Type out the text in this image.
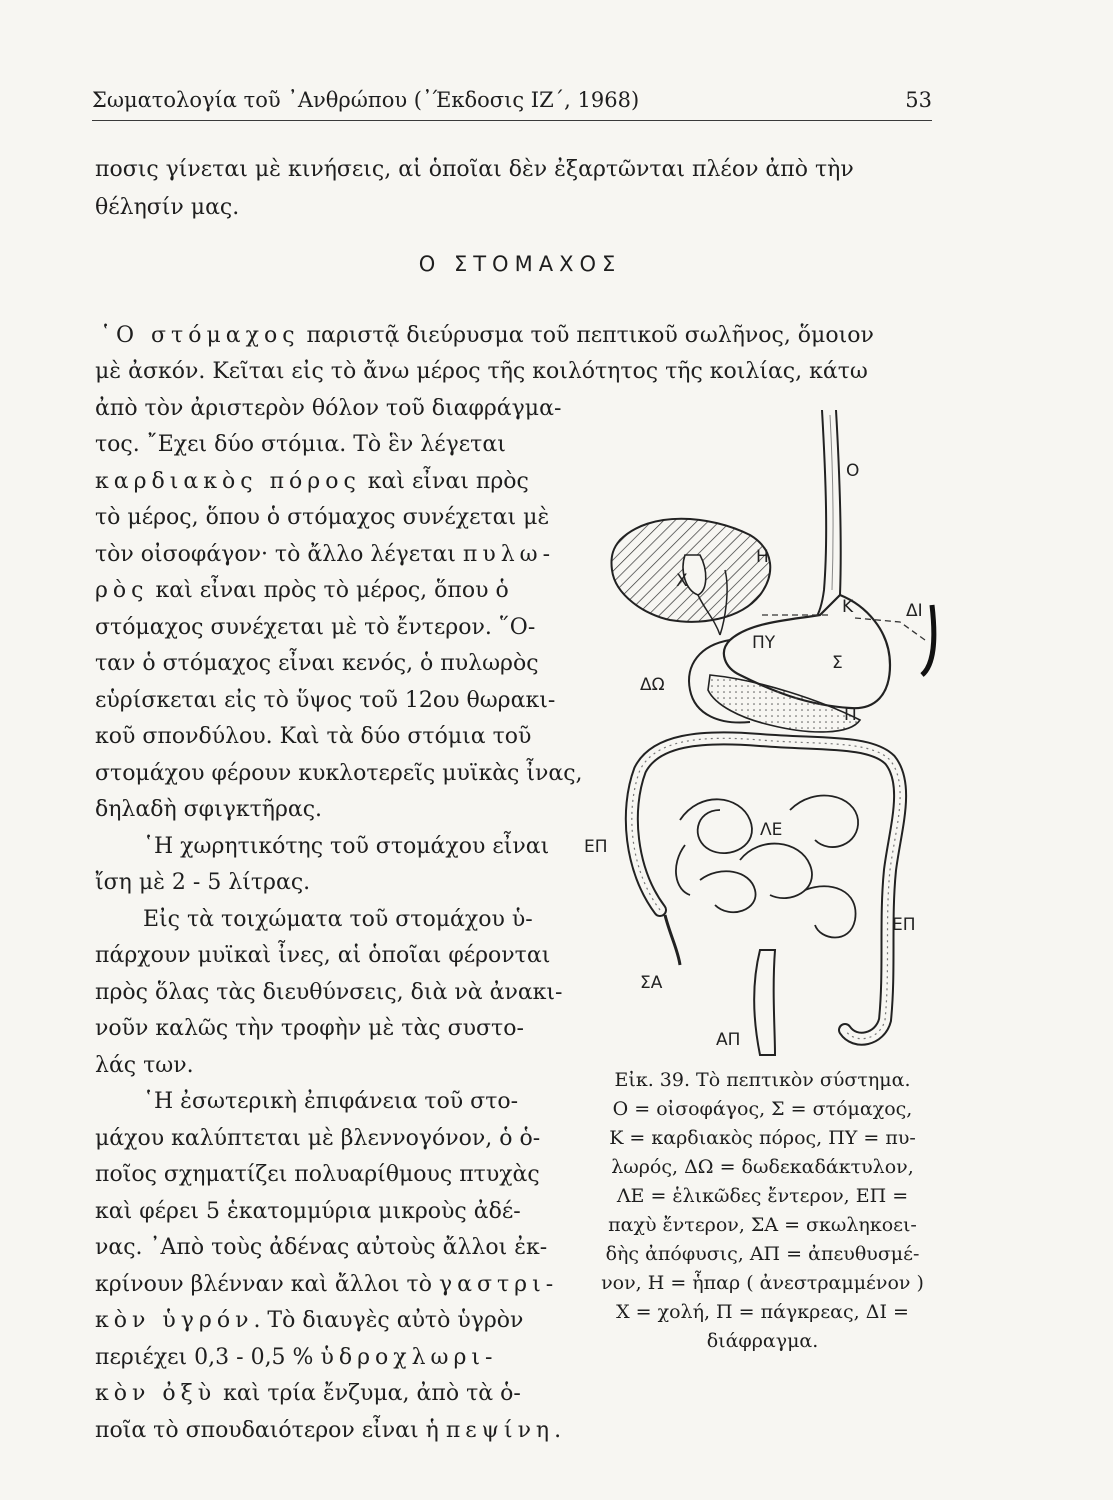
Σωματολογία τοῦ ᾿Ανθρώπου (᾿Έκδοσις ΙΖ΄, 1968)	53

ποσις γίνεται μὲ κινήσεις, αἱ ὁποῖαι δὲν ἐξαρτῶνται πλέον ἀπὸ τὴν

θέλησίν μας.

Ο ΣΤΟΜΑΧΟΣ

῾Ο στόμαχος παριστᾷ διεύρυσμα τοῦ πεπτικοῦ σωλῆνος, ὅμοιον

μὲ ἀσκόν. Κεῖται εἰς τὸ ἄνω μέρος τῆς κοιλότητος τῆς κοιλίας, κάτω

ἀπὸ τὸν ἀριστερὸν θόλον τοῦ διαφράγμα-

τος. ῎Εχει δύο στόμια. Τὸ ἓν λέγεται

καρδιακὸς πόρος καὶ εἶναι πρὸς

τὸ μέρος, ὅπου ὁ στόμαχος συνέχεται μὲ

τὸν οἰσοφάγον· τὸ ἄλλο λέγεται πυλω-

ρὸς καὶ εἶναι πρὸς τὸ μέρος, ὅπου ὁ

στόμαχος συνέχεται μὲ τὸ ἔντερον. ῞Ο-

ταν ὁ στόμαχος εἶναι κενός, ὁ πυλωρὸς

εὑρίσκεται εἰς τὸ ὕψος τοῦ 12ου θωρακι-

κοῦ σπονδύλου. Καὶ τὰ δύο στόμια τοῦ

στομάχου φέρουν κυκλοτερεῖς μυϊκὰς ἶνας,

δηλαδὴ σφιγκτῆρας.

῾Η χωρητικότης τοῦ στομάχου εἶναι

ἴση μὲ 2 - 5 λίτρας.

Εἰς τὰ τοιχώματα τοῦ στομάχου ὑ-

πάρχουν μυϊκαὶ ἶνες, αἱ ὁποῖαι φέρονται

πρὸς ὅλας τὰς διευθύνσεις, διὰ νὰ ἀνακι-

νοῦν καλῶς τὴν τροφὴν μὲ τὰς συστο-

λάς των.

῾Η ἐσωτερικὴ ἐπιφάνεια τοῦ στο-

μάχου καλύπτεται μὲ βλεννογόνον, ὁ ὁ-

ποῖος σχηματίζει πολυαρίθμους πτυχὰς

καὶ φέρει 5 ἑκατομμύρια μικροὺς ἀδέ-

νας. ᾿Απὸ τοὺς ἀδένας αὐτοὺς ἄλλοι ἐκ-

κρίνουν βλένναν καὶ ἄλλοι τὸ γαστρι-

κὸν ὑγρόν. Τὸ διαυγὲς αὐτὸ ὑγρὸν

περιέχει 0,3 - 0,5 % ὑδροχλωρι-

κὸν ὀξὺ καὶ τρία ἔνζυμα, ἀπὸ τὰ ὁ-

ποῖα τὸ σπουδαιότερον εἶναι ἡ πεψίνη.

Ο
Η
Χ
Κ	ΔΙ
ΠΥ
Σ
ΔΩ
Π
ΛΕ
ΕΠ
ΕΠ
ΣΑ
ΑΠ
Εἰκ. 39. Τὸ πεπτικὸν σύστημα.
Ο = οἰσοφάγος, Σ = στόμαχος,
Κ = καρδιακὸς πόρος, ΠΥ = πυ-
λωρός, ΔΩ = δωδεκαδάκτυλον,
ΛΕ = ἑλικῶδες ἔντερον, ΕΠ =
παχὺ ἔντερον, ΣΑ = σκωληκοει-
δὴς ἀπόφυσις, ΑΠ = ἀπευθυσμέ-
νον, Η = ἧπαρ ( ἀνεστραμμένον )
Χ = χολή, Π = πάγκρεας, ΔΙ =
διάφραγμα.
